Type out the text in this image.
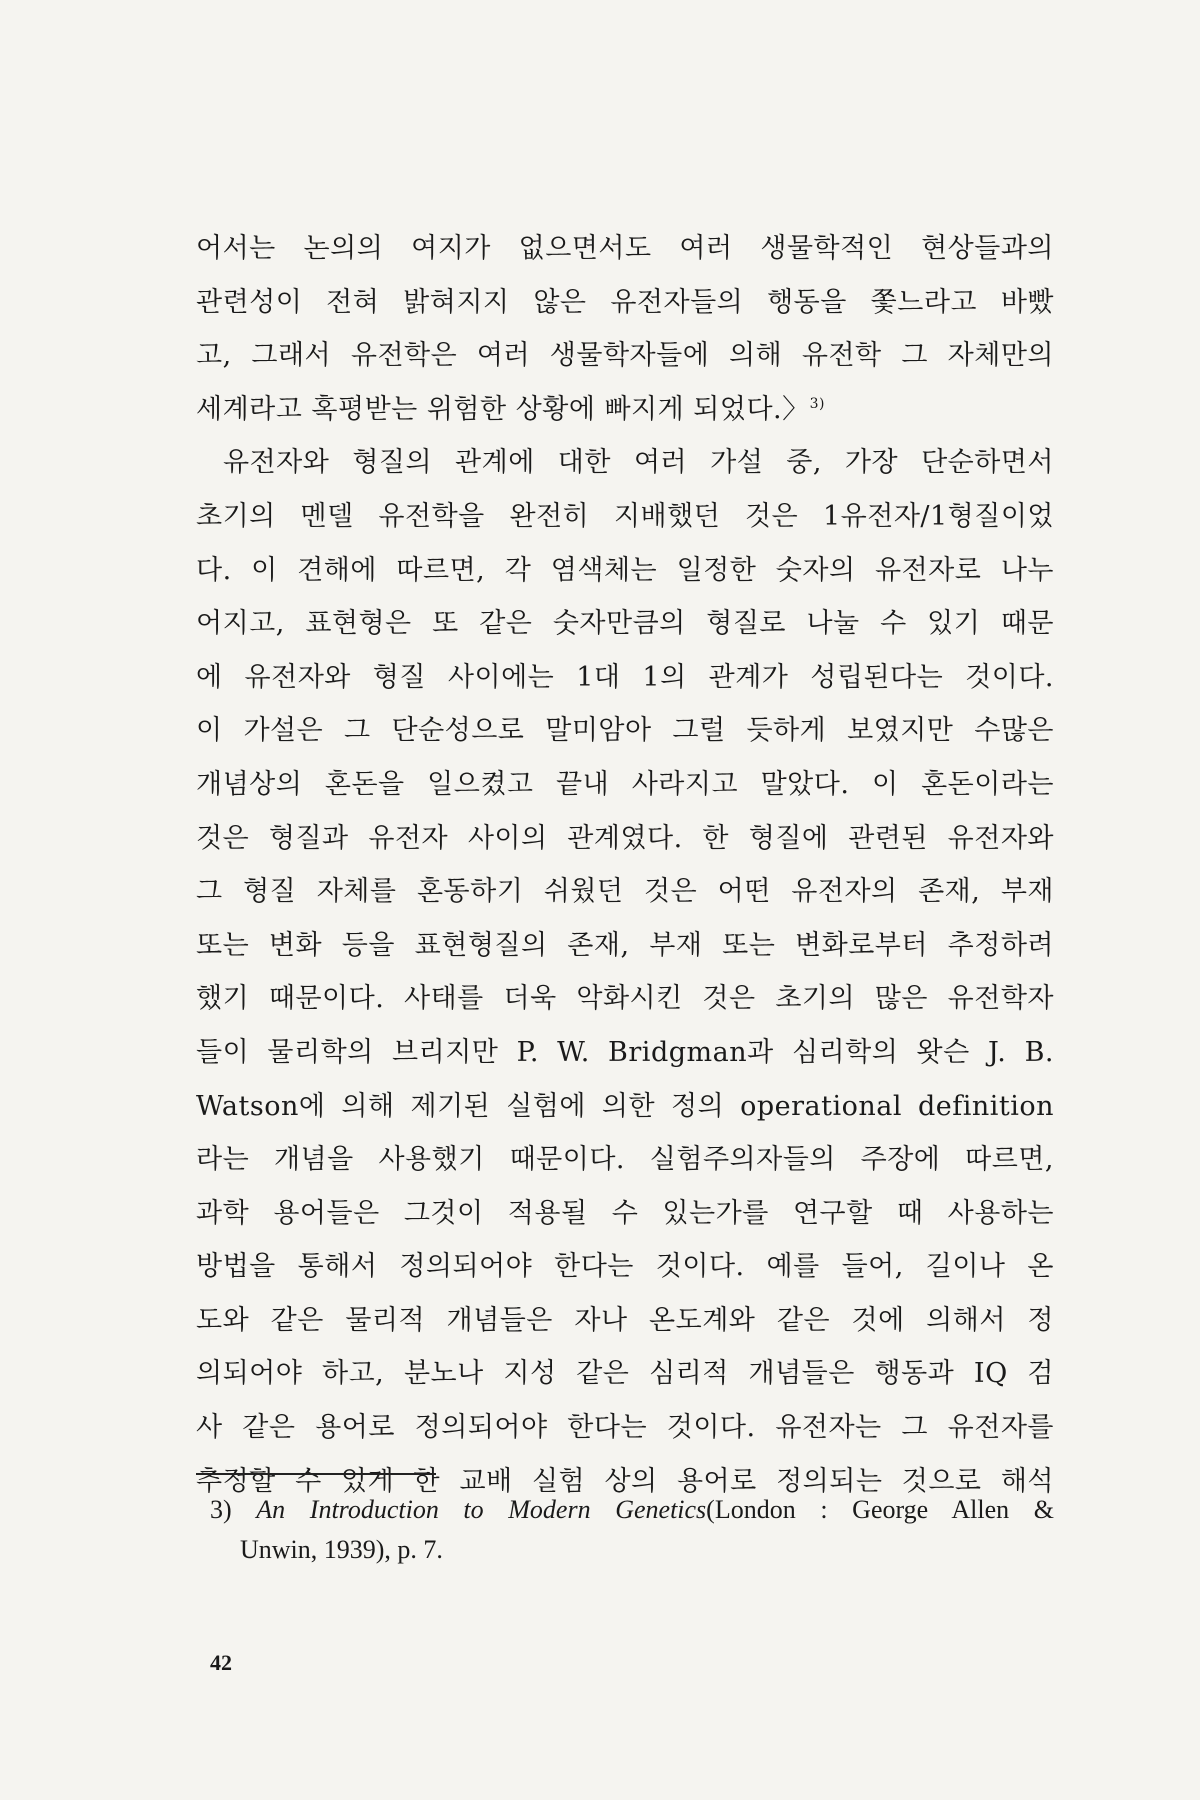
어서는 논의의 여지가 없으면서도 여러 생물학적인 현상들과의
관련성이 전혀 밝혀지지 않은 유전자들의 행동을 쫓느라고 바빴
고, 그래서 유전학은 여러 생물학자들에 의해 유전학 그 자체만의
세계라고 혹평받는 위험한 상황에 빠지게 되었다.〉$^{3)}$
유전자와 형질의 관계에 대한 여러 가설 중, 가장 단순하면서
초기의 멘델 유전학을 완전히 지배했던 것은 1유전자/1형질이었
다. 이 견해에 따르면, 각 염색체는 일정한 숫자의 유전자로 나누
어지고, 표현형은 또 같은 숫자만큼의 형질로 나눌 수 있기 때문
에 유전자와 형질 사이에는 1대 1의 관계가 성립된다는 것이다.
이 가설은 그 단순성으로 말미암아 그럴 듯하게 보였지만 수많은
개념상의 혼돈을 일으켰고 끝내 사라지고 말았다. 이 혼돈이라는
것은 형질과 유전자 사이의 관계였다. 한 형질에 관련된 유전자와
그 형질 자체를 혼동하기 쉬웠던 것은 어떤 유전자의 존재, 부재
또는 변화 등을 표현형질의 존재, 부재 또는 변화로부터 추정하려
했기 때문이다. 사태를 더욱 악화시킨 것은 초기의 많은 유전학자
들이 물리학의 브리지만 P. W. Bridgman과 심리학의 왓슨 J. B.
Watson에 의해 제기된 실험에 의한 정의 operational definition
라는 개념을 사용했기 때문이다. 실험주의자들의 주장에 따르면,
과학 용어들은 그것이 적용될 수 있는가를 연구할 때 사용하는
방법을 통해서 정의되어야 한다는 것이다. 예를 들어, 길이나 온
도와 같은 물리적 개념들은 자나 온도계와 같은 것에 의해서 정
의되어야 하고, 분노나 지성 같은 심리적 개념들은 행동과 IQ 검
사 같은 용어로 정의되어야 한다는 것이다. 유전자는 그 유전자를
추정할 수 있게 한 교배 실험 상의 용어로 정의되는 것으로 해석
3) An Introduction to Modern Genetics(London : George Allen &
Unwin, 1939), p. 7.
42
